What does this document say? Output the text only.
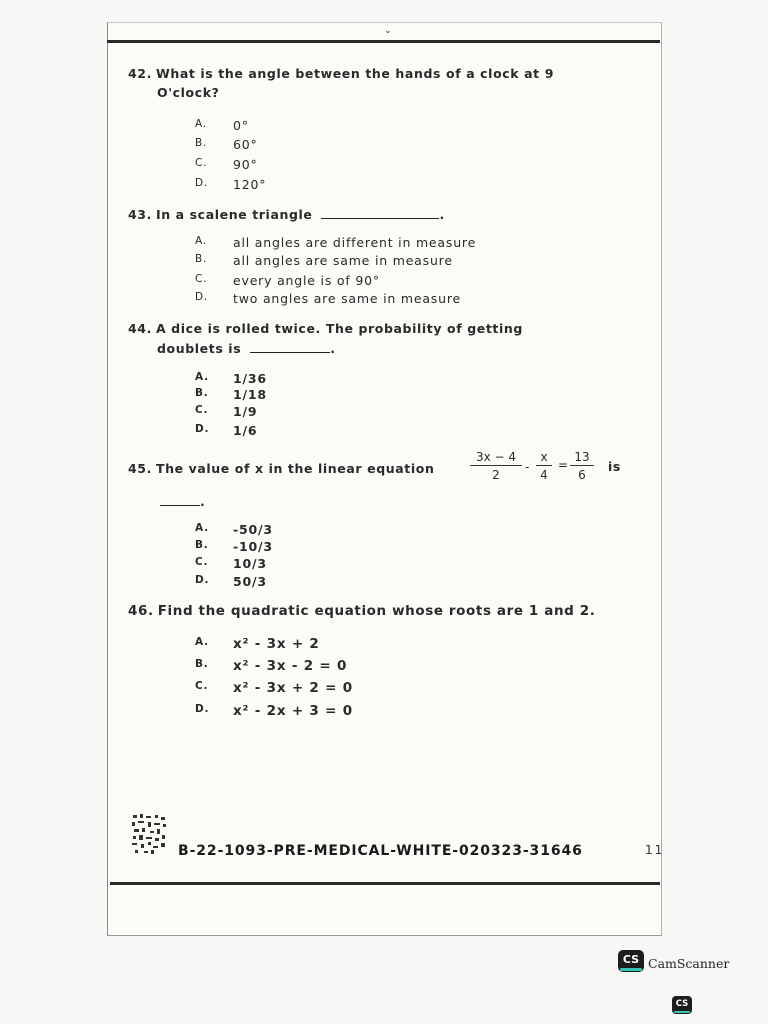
⌄
42. What is the angle between the hands of a clock at 9
O'clock?
A. 0°
B. 60°
C. 90°
D. 120°
43. In a scalene triangle	.
A. all angles are different in measure
B. all angles are same in measure
C. every angle is of 90°
D. two angles are same in measure
44. A dice is rolled twice. The probability of getting
doublets is	.
A. 1/36
B. 1/18
C. 1/9
D. 1/6
45. The value of x in the linear equation	$\frac{3x - 4}{2} - \frac{x}{4} = \frac{13}{6}$ is
.
A. -50/3
B. -10/3
C. 10/3
D. 50/3
46. Find the quadratic equation whose roots are 1 and 2.
A. x² - 3x + 2
B. x² - 3x - 2 = 0
C. x² - 3x + 2 = 0
D. x² - 2x + 3 = 0
B-22-1093-PRE-MEDICAL-WHITE-020323-31646	11
CS CamScanner
CS
